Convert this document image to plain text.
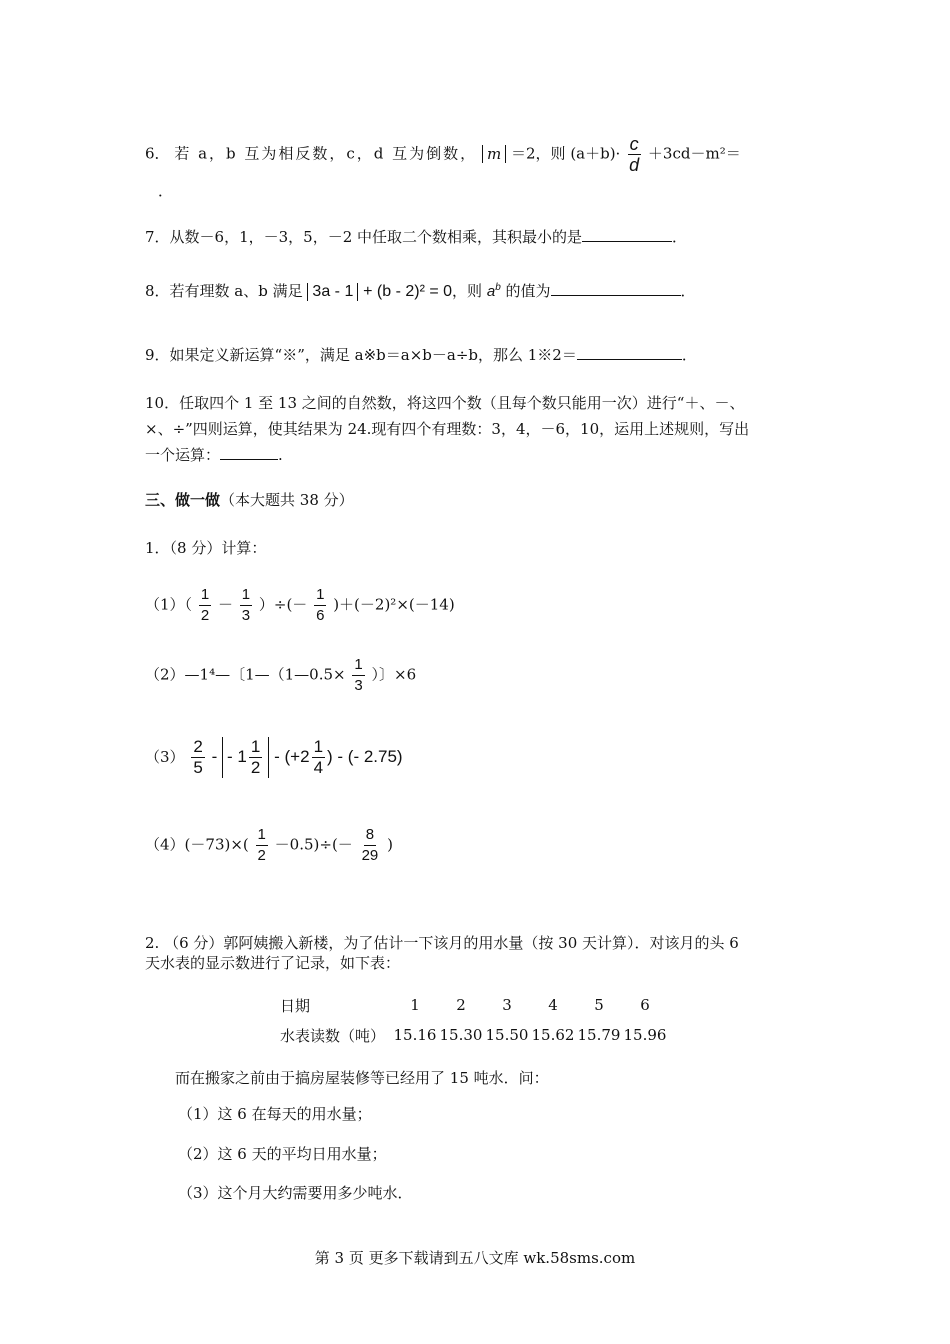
6． 若 a，b 互为相反数，c，d 互为倒数， m ＝2，则 $(a+b)\cdot \frac{c}{d} +3cd-m^2=$
．
7．从数－6，1，－3，5，－2 中任取二个数相乘，其积最小的是	．
8．若有理数 a、b 满足 3a - 1 + (b - 2)² = 0，则 $a^b$ 的值为	．
9．如果定义新运算“※”，满足 a※b＝a×b－a÷b，那么 1※2＝	．
10．任取四个 1 至 13 之间的自然数，将这四个数（且每个数只能用一次）进行“＋、－、
×、÷”四则运算，使其结果为 24.现有四个有理数：3，4，－6，10，运用上述规则，写出
一个运算：	.
三、做一做（本大题共 38 分）
1．（8 分）计算：
$(1)( \frac{1}{2} - \frac{1}{3}$ ）÷(－ $\frac{1}{6} )+(-2)^2\times(-14)$
（2）—1⁴—〔1—（1—0.5× $\frac{1}{3}$ ）〕×6
$(3) \frac{2}{5}$ - - $1 \frac{1}{2} - (+2 \frac{1}{4}$ ) - (- 2.75)
$(4)(-73)\times( \frac{1}{2} -0.5)\div(- \frac{8}{29}$ )
2. （6 分）郭阿姨搬入新楼，为了估计一下该月的用水量（按 30 天计算）．对该月的头 6
天水表的显示数进行了记录，如下表：
日期	1	2	3	4	5	6
水表读数（吨）	15.16	15.30	15.50	15.62	15.79	15.96
而在搬家之前由于搞房屋装修等已经用了 15 吨水．问：
（1）这 6 在每天的用水量；
（2）这 6 天的平均日用水量；
（3）这个月大约需要用多少吨水．
第 3 页 更多下载请到五八文库 wk.58sms.com
